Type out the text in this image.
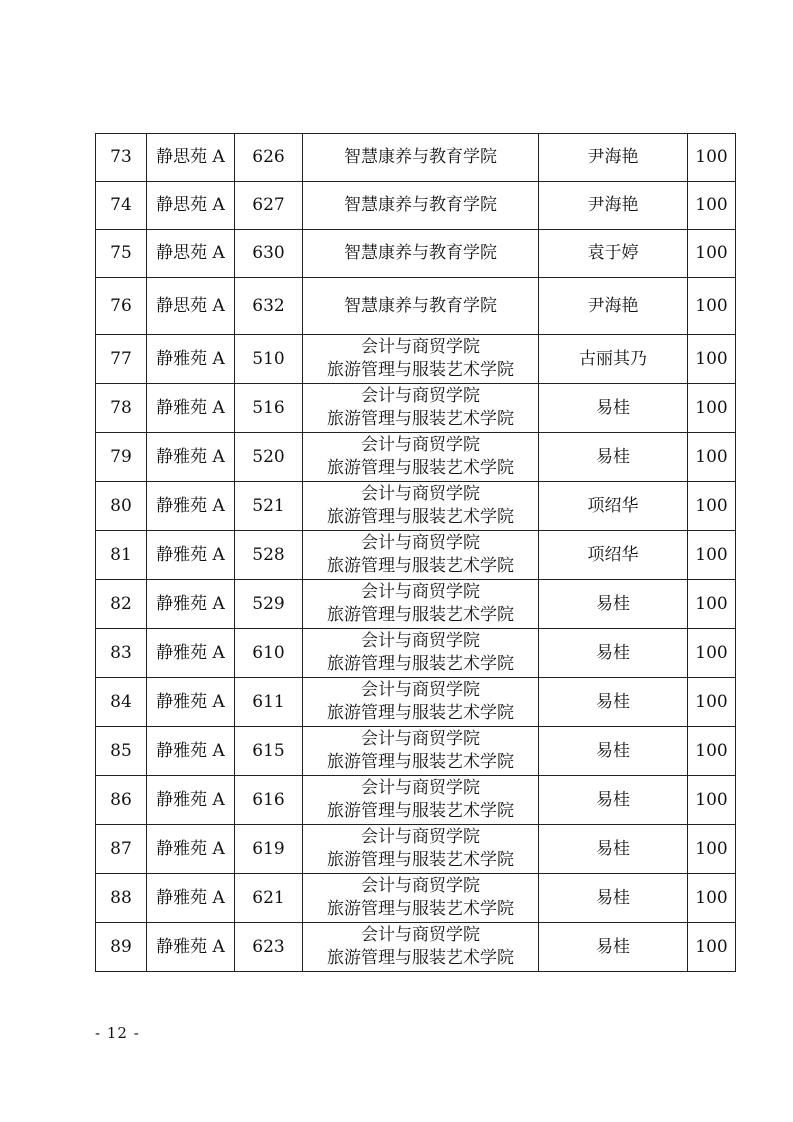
73	静思苑 A	626	智慧康养与教育学院	尹海艳	100
74	静思苑 A	627	智慧康养与教育学院	尹海艳	100
75	静思苑 A	630	智慧康养与教育学院	袁于婷	100
76	静思苑 A	632	智慧康养与教育学院	尹海艳	100
77	静雅苑 A	510	会计与商贸学院
旅游管理与服装艺术学院	古丽其乃	100
78	静雅苑 A	516	会计与商贸学院
旅游管理与服装艺术学院	易桂	100
79	静雅苑 A	520	会计与商贸学院
旅游管理与服装艺术学院	易桂	100
80	静雅苑 A	521	会计与商贸学院
旅游管理与服装艺术学院	项绍华	100
81	静雅苑 A	528	会计与商贸学院
旅游管理与服装艺术学院	项绍华	100
82	静雅苑 A	529	会计与商贸学院
旅游管理与服装艺术学院	易桂	100
83	静雅苑 A	610	会计与商贸学院
旅游管理与服装艺术学院	易桂	100
84	静雅苑 A	611	会计与商贸学院
旅游管理与服装艺术学院	易桂	100
85	静雅苑 A	615	会计与商贸学院
旅游管理与服装艺术学院	易桂	100
86	静雅苑 A	616	会计与商贸学院
旅游管理与服装艺术学院	易桂	100
87	静雅苑 A	619	会计与商贸学院
旅游管理与服装艺术学院	易桂	100
88	静雅苑 A	621	会计与商贸学院
旅游管理与服装艺术学院	易桂	100
89	静雅苑 A	623	会计与商贸学院
旅游管理与服装艺术学院	易桂	100
- 12 -
